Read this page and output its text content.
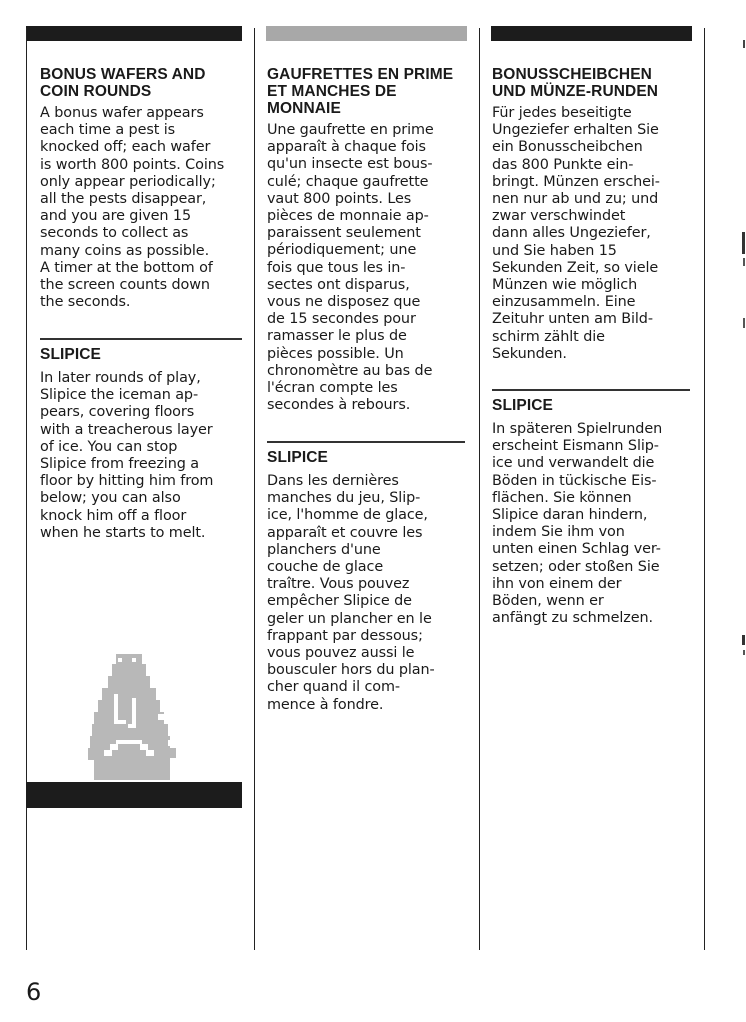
BONUS WAFERS AND
COIN ROUNDS
A bonus wafer appears
each time a pest is
knocked off; each wafer
is worth 800 points. Coins
only appear periodically;
all the pests disappear,
and you are given 15
seconds to collect as
many coins as possible.
A timer at the bottom of
the screen counts down
the seconds.
SLIPICE
In later rounds of play,
Slipice the iceman ap-
pears, covering floors
with a treacherous layer
of ice. You can stop
Slipice from freezing a
floor by hitting him from
below; you can also
knock him off a floor
when he starts to melt.
GAUFRETTES EN PRIME
ET MANCHES DE
MONNAIE
Une gaufrette en prime
apparaît à chaque fois
qu'un insecte est bous-
culé; chaque gaufrette
vaut 800 points. Les
pièces de monnaie ap-
paraissent seulement
périodiquement; une
fois que tous les in-
sectes ont disparus,
vous ne disposez que
de 15 secondes pour
ramasser le plus de
pièces possible. Un
chronomètre au bas de
l'écran compte les
secondes à rebours.
SLIPICE
Dans les dernières
manches du jeu, Slip-
ice, l'homme de glace,
apparaît et couvre les
planchers d'une
couche de glace
traître. Vous pouvez
empêcher Slipice de
geler un plancher en le
frappant par dessous;
vous pouvez aussi le
bousculer hors du plan-
cher quand il com-
mence à fondre.
BONUSSCHEIBCHEN
UND MÜNZE-RUNDEN
Für jedes beseitigte
Ungeziefer erhalten Sie
ein Bonusscheibchen
das 800 Punkte ein-
bringt. Münzen erschei-
nen nur ab und zu; und
zwar verschwindet
dann alles Ungeziefer,
und Sie haben 15
Sekunden Zeit, so viele
Münzen wie möglich
einzusammeln. Eine
Zeituhr unten am Bild-
schirm zählt die
Sekunden.
SLIPICE
In späteren Spielrunden
erscheint Eismann Slip-
ice und verwandelt die
Böden in tückische Eis-
flächen. Sie können
Slipice daran hindern,
indem Sie ihm von
unten einen Schlag ver-
setzen; oder stoßen Sie
ihn von einem der
Böden, wenn er
anfängt zu schmelzen.
6
